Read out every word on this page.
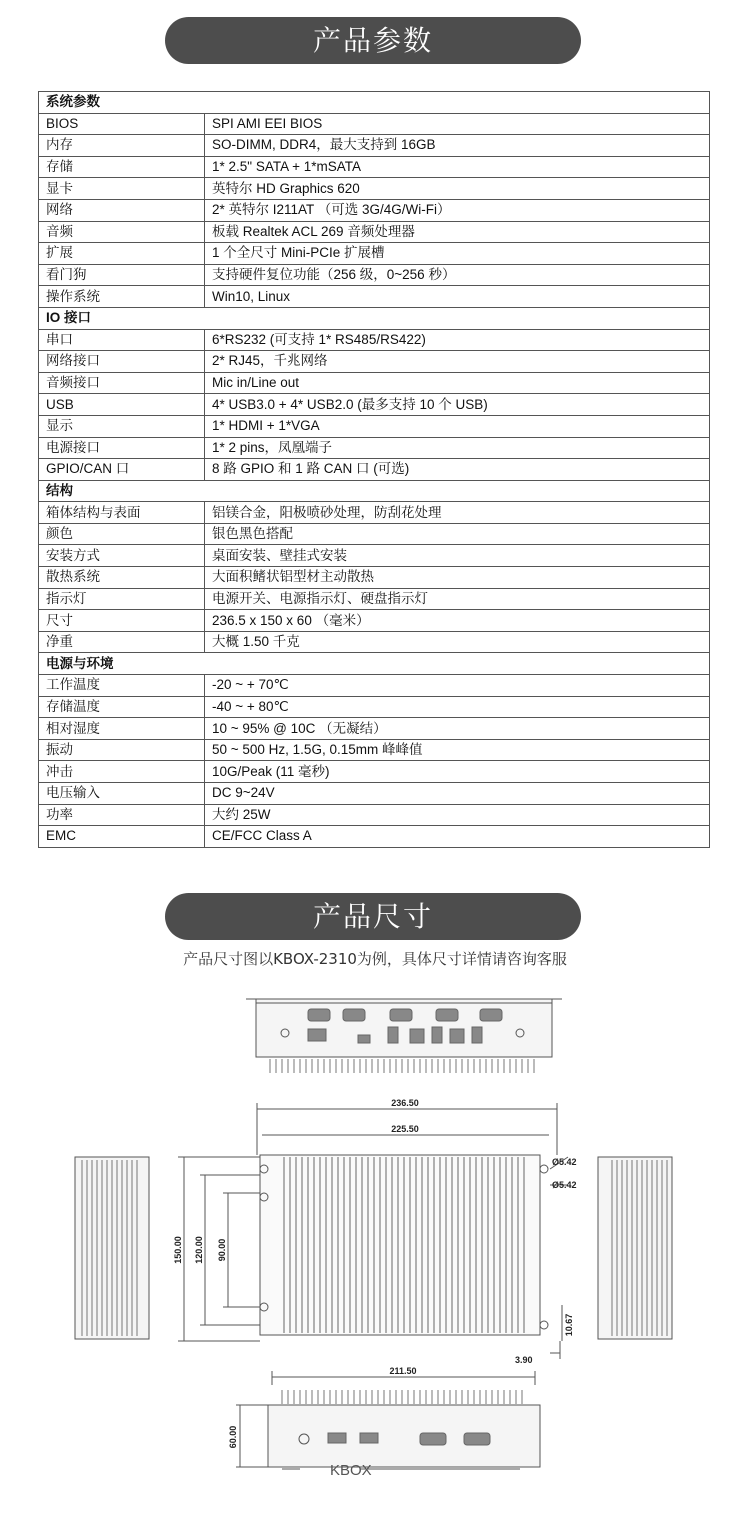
产品参数
系统参数	
BIOS	SPI AMI EEI BIOS
内存	SO-DIMM, DDR4，最大支持到 16GB
存储	1* 2.5" SATA + 1*mSATA
显卡	英特尔 HD Graphics 620
网络	2* 英特尔 I211AT （可选 3G/4G/Wi-Fi）
音频	板载 Realtek ACL 269 音频处理器
扩展	1 个全尺寸 Mini-PCIe 扩展槽
看门狗	支持硬件复位功能（256 级，0~256 秒）
操作系统	Win10, Linux
IO 接口	
串口	6*RS232 (可支持 1* RS485/RS422)
网络接口	2* RJ45，千兆网络
音频接口	Mic in/Line out
USB	4* USB3.0 + 4* USB2.0 (最多支持 10 个 USB)
显示	1* HDMI + 1*VGA
电源接口	1* 2 pins，凤凰端子
GPIO/CAN 口	8 路 GPIO 和 1 路 CAN 口 (可选)
结构	
箱体结构与表面	铝镁合金，阳极喷砂处理，防刮花处理
颜色	银色黑色搭配
安装方式	桌面安装、壁挂式安装
散热系统	大面积鳍状铝型材主动散热
指示灯	电源开关、电源指示灯、硬盘指示灯
尺寸	236.5 x 150 x 60 （毫米）
净重	大概 1.50 千克
电源与环境	
工作温度	-20 ~ + 70℃
存储温度	-40 ~ + 80℃
相对湿度	10 ~ 95% @ 10C （无凝结）
振动	50 ~ 500 Hz, 1.5G, 0.15mm 峰峰值
冲击	10G/Peak (11 毫秒)
电压输入	DC 9~24V
功率	大约 25W
EMC	CE/FCC Class A
产品尺寸
产品尺寸图以KBOX-2310为例，具体尺寸详情请咨询客服
236.50
225.50
Ø5.42
Ø5.42
150.00 120.00 90.00
10.67
3.90
211.50
60.00
KBOX
